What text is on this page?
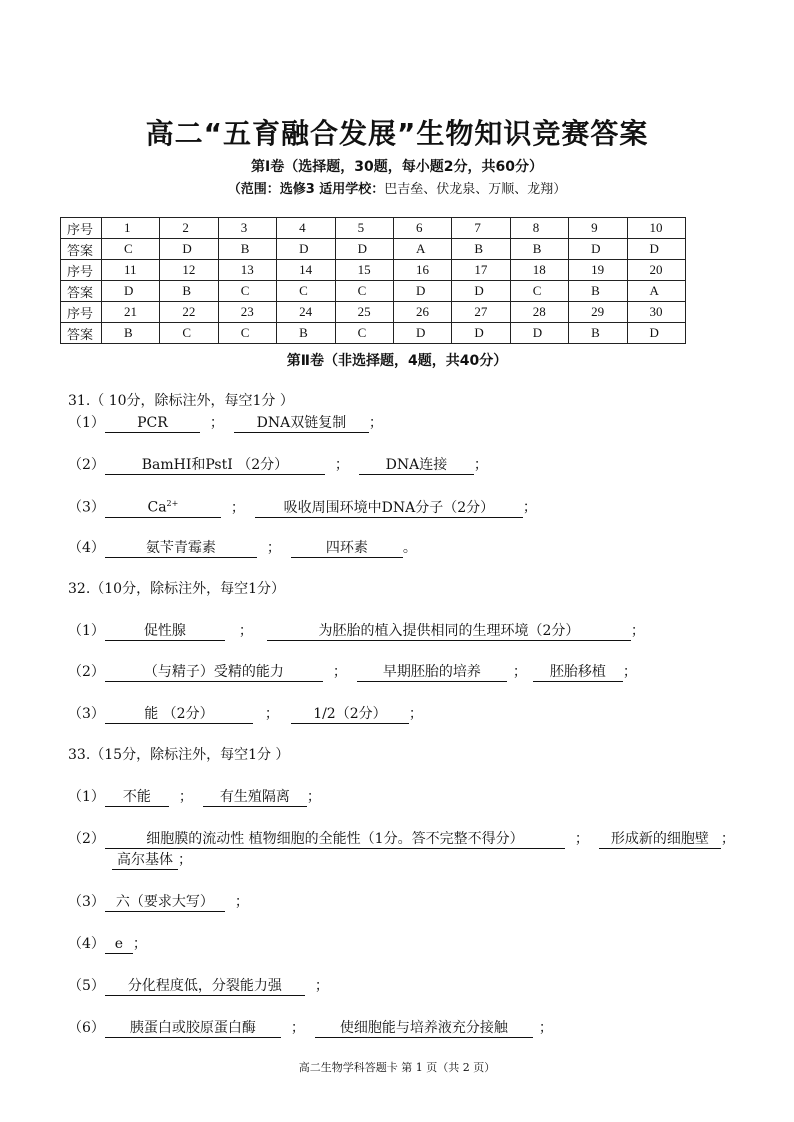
高二“五育融合发展”生物知识竞赛答案
第Ⅰ卷（选择题，30题，每小题2分，共60分）
（范围：选修3 适用学校：巴吉垒、伏龙泉、万顺、龙翔）
序号	1	2	3	4	5	6	7	8	9	10
答案	C	D	B	D	D	A	B	B	D	D
序号	11	12	13	14	15	16	17	18	19	20
答案	D	B	C	C	C	D	D	C	B	A
序号	21	22	23	24	25	26	27	28	29	30
答案	B	C	C	B	C	D	D	D	B	D
第Ⅱ卷（非选择题，4题，共40分）
31.（ 10分，除标注外，每空1分 ）
（1） PCR	； DNA双链复制 ；
（2）	BamHI和PstI （2分）	；	DNA连接 ；
（3）	$Ca^{2+}$	；	吸收周围环境中DNA分子（2分） ；
（4）	氨苄青霉素	；	四环素	。
32.（10分，除标注外，每空1分）
（1）	促性腺	；	为胚胎的植入提供相同的生理环境（2分）	；
（2）	（与精子）受精的能力	；	早期胚胎的培养 ； 胚胎移植 ；
（3）	能 （2分）	； 1/2（2分） ；
33.（15分，除标注外，每空1分 ）
（1） 不能 ； 有生殖隔离 ；
（2）	细胞膜的流动性 植物细胞的全能性（1分。答不完整不得分）	； 形成新的细胞壁 ；
高尔基体 ；
（3） 六（要求大写） ；
（4） e ；
（5） 分化程度低，分裂能力强 ；
（6） 胰蛋白或胶原蛋白酶	；	使细胞能与培养液充分接触 ；
高二生物学科答题卡 第 1 页（共 2 页）
